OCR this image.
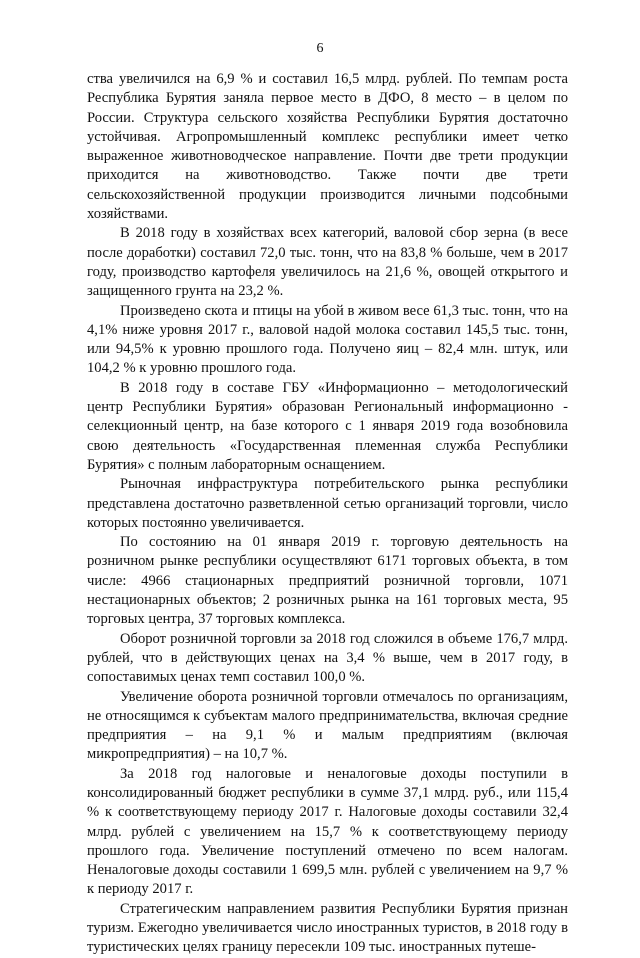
6

ства увеличился на 6,9 % и составил 16,5 млрд. рублей. По темпам роста Республика Бурятия заняла первое место в ДФО, 8 место – в целом по России. Структура сельского хозяйства Республики Бурятия достаточно устойчивая. Агропромышленный комплекс республики имеет четко выраженное животноводческое направление. Почти две трети продукции приходится на животноводство. Также почти две трети сельскохозяйственной продукции производится личными подсобными хозяйствами.

В 2018 году в хозяйствах всех категорий, валовой сбор зерна (в весе после доработки) составил 72,0 тыс. тонн, что на 83,8 % больше, чем в 2017 году, производство картофеля увеличилось на 21,6 %, овощей открытого и защищенного грунта на 23,2 %.

Произведено скота и птицы на убой в живом весе 61,3 тыс. тонн, что на 4,1% ниже уровня 2017 г., валовой надой молока составил 145,5 тыс. тонн, или 94,5% к уровню прошлого года. Получено яиц – 82,4 млн. штук, или 104,2 % к уровню прошлого года.

В 2018 году в составе ГБУ «Информационно – методологический центр Республики Бурятия» образован Региональный информационно - селекционный центр, на базе которого с 1 января 2019 года возобновила свою деятельность «Государственная племенная служба Республики Бурятия» с полным лабораторным оснащением.

Рыночная инфраструктура потребительского рынка республики представлена достаточно разветвленной сетью организаций торговли, число которых постоянно увеличивается.

По состоянию на 01 января 2019 г. торговую деятельность на розничном рынке республики осуществляют 6171 торговых объекта, в том числе: 4966 стационарных предприятий розничной торговли, 1071 нестационарных объектов; 2 розничных рынка на 161 торговых места, 95 торговых центра, 37 торговых комплекса.

Оборот розничной торговли за 2018 год сложился в объеме 176,7 млрд. рублей, что в действующих ценах на 3,4 % выше, чем в 2017 году, в сопоставимых ценах темп составил 100,0 %.

Увеличение оборота розничной торговли отмечалось по организациям, не относящимся к субъектам малого предпринимательства, включая средние предприятия – на 9,1 % и малым предприятиям (включая микропредприятия) – на 10,7 %.

За 2018 год налоговые и неналоговые доходы поступили в консолидированный бюджет республики в сумме 37,1 млрд. руб., или 115,4 % к соответствующему периоду 2017 г. Налоговые доходы составили 32,4 млрд. рублей с увеличением на 15,7 % к соответствующему периоду прошлого года. Увеличение поступлений отмечено по всем налогам. Неналоговые доходы составили 1 699,5 млн. рублей с увеличением на 9,7 % к периоду 2017 г.

Стратегическим направлением развития Республики Бурятия признан туризм. Ежегодно увеличивается число иностранных туристов, в 2018 году в туристических целях границу пересекли 109 тыс. иностранных путеше-
